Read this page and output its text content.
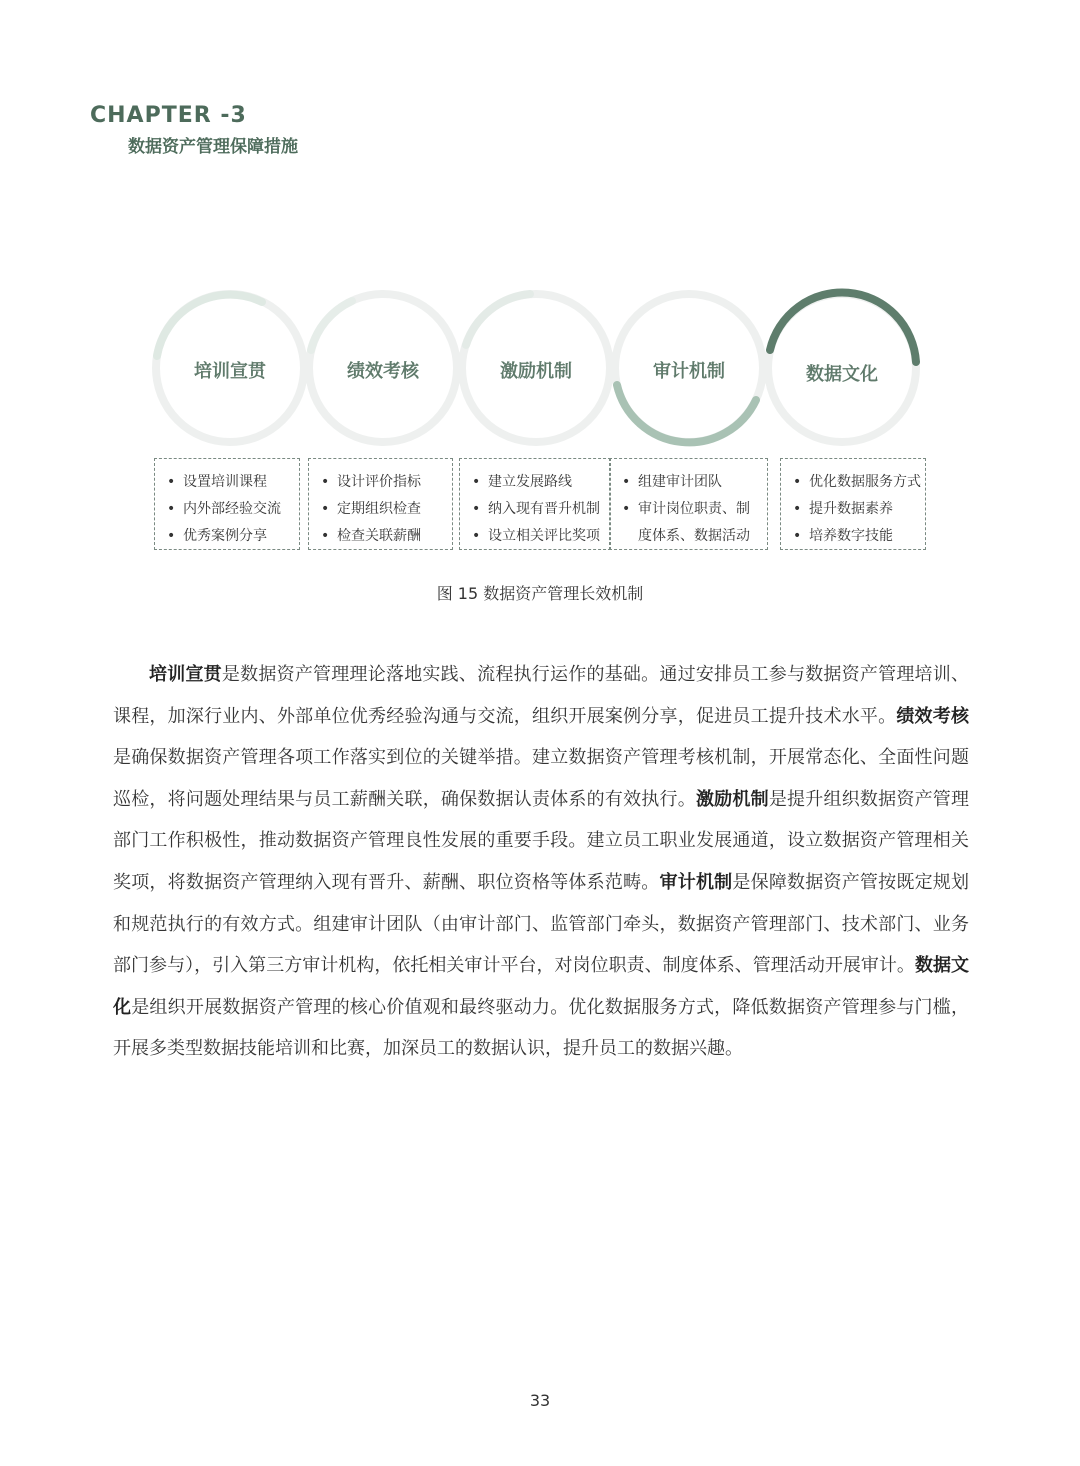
CHAPTER -3
数据资产管理保障措施
培训宣贯	绩效考核	激励机制	审计机制	数据文化
• 设置培训课程
• 内外部经验交流
• 优秀案例分享
• 设计评价指标
• 定期组织检查
• 检查关联薪酬
• 建立发展路线
• 纳入现有晋升机制
• 设立相关评比奖项
• 组建审计团队
• 审计岗位职责、制
度体系、数据活动
• 优化数据服务方式
• 提升数据素养
• 培养数字技能
图 15 数据资产管理长效机制
培训宣贯是数据资产管理理论落地实践、流程执行运作的基础。通过安排员工参与数据资产管理培训、课程，加深行业内、外部单位优秀经验沟通与交流，组织开展案例分享，促进员工提升技术水平。绩效考核是确保数据资产管理各项工作落实到位的关键举措。建立数据资产管理考核机制，开展常态化、全面性问题巡检，将问题处理结果与员工薪酬关联，确保数据认责体系的有效执行。激励机制是提升组织数据资产管理部门工作积极性，推动数据资产管理良性发展的重要手段。建立员工职业发展通道，设立数据资产管理相关奖项，将数据资产管理纳入现有晋升、薪酬、职位资格等体系范畴。审计机制是保障数据资产管按既定规划和规范执行的有效方式。组建审计团队（由审计部门、监管部门牵头，数据资产管理部门、技术部门、业务部门参与），引入第三方审计机构，依托相关审计平台，对岗位职责、制度体系、管理活动开展审计。数据文化是组织开展数据资产管理的核心价值观和最终驱动力。优化数据服务方式，降低数据资产管理参与门槛，开展多类型数据技能培训和比赛，加深员工的数据认识，提升员工的数据兴趣。
33
